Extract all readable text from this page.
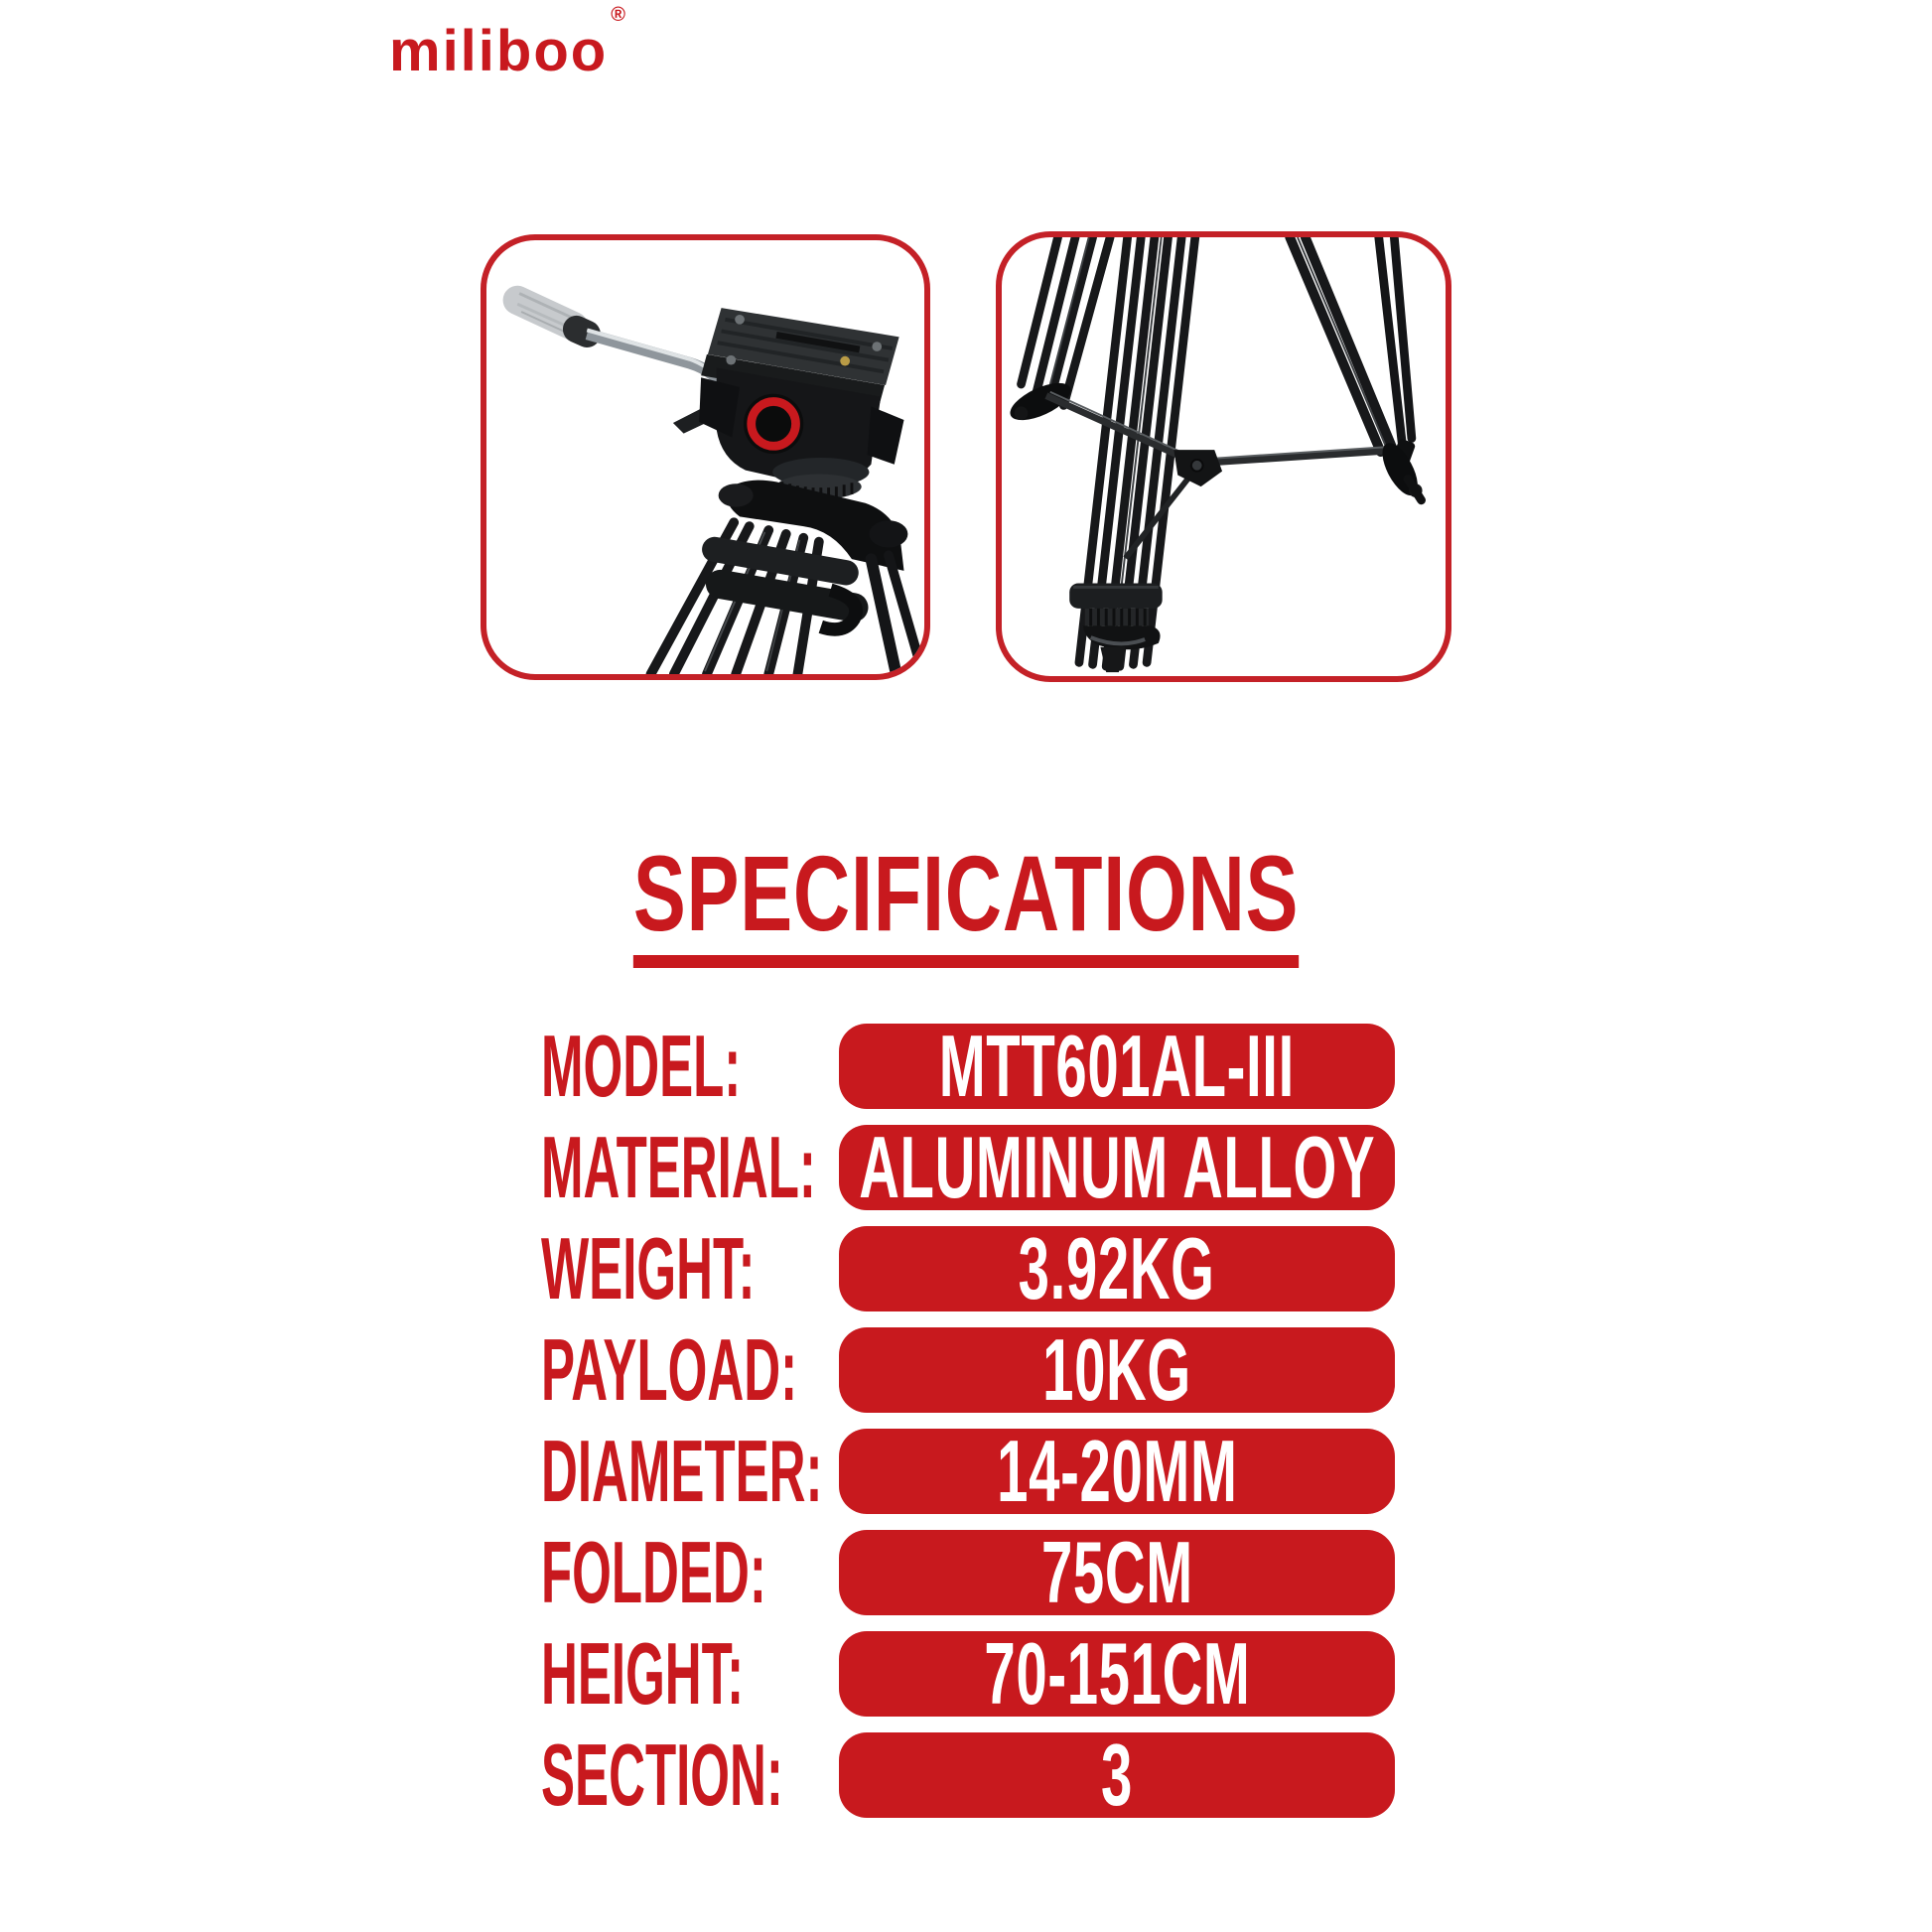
miliboo®
SPECIFICATIONS
MODEL:	MTT601AL-III
MATERIAL: ALUMINUM ALLOY
WEIGHT:	3.92KG
PAYLOAD:	10KG
DIAMETER: 14-20MM
FOLDED:	75CM
HEIGHT:	70-151CM
SECTION:	3
